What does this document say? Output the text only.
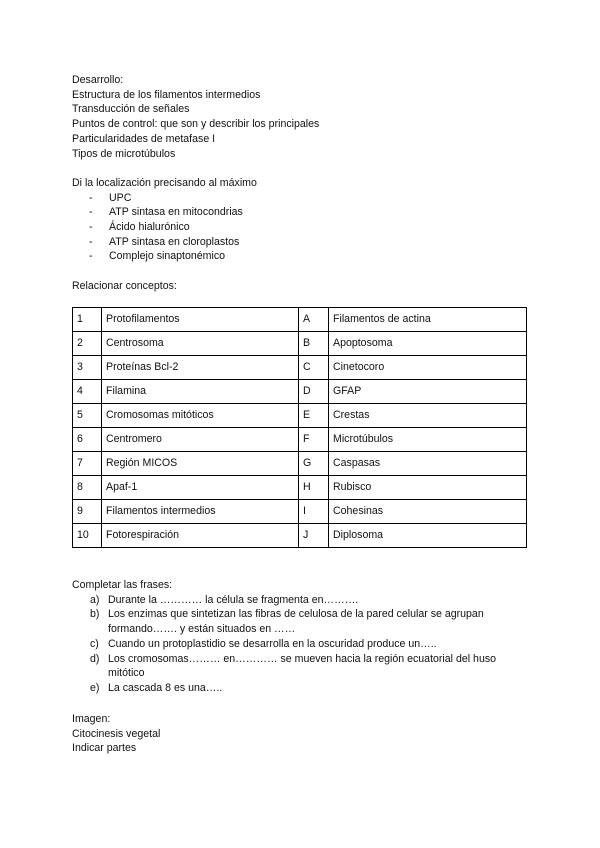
Desarrollo:
Estructura de los filamentos intermedios
Transducción de señales
Puntos de control: que son y describir los principales
Particularidades de metafase I
Tipos de microtúbulos
Di la localización precisando al máximo
- UPC
- ATP sintasa en mitocondrias
- Ácido hialurónico
- ATP sintasa en cloroplastos
- Complejo sinaptonémico
Relacionar conceptos:
1	Protofilamentos	A	Filamentos de actina
2	Centrosoma	B	Apoptosoma
3	Proteínas Bcl-2	C	Cinetocoro
4	Filamina	D	GFAP
5	Cromosomas mitóticos	E	Crestas
6	Centromero	F	Microtúbulos
7	Región MICOS	G	Caspasas
8	Apaf-1	H	Rubisco
9	Filamentos intermedios	I	Cohesinas
10	Fotorespiración	J	Diplosoma
Completar las frases:
a) Durante la ………… la célula se fragmenta en……….
b) Los enzimas que sintetizan las fibras de celulosa de la pared celular se agrupan
formando……. y están situados en ……
c) Cuando un protoplastidio se desarrolla en la oscuridad produce un…..
d) Los cromosomas……… en………… se mueven hacia la región ecuatorial del huso
mitótico
e) La cascada 8 es una…..
Imagen:
Citocinesis vegetal
Indicar partes
